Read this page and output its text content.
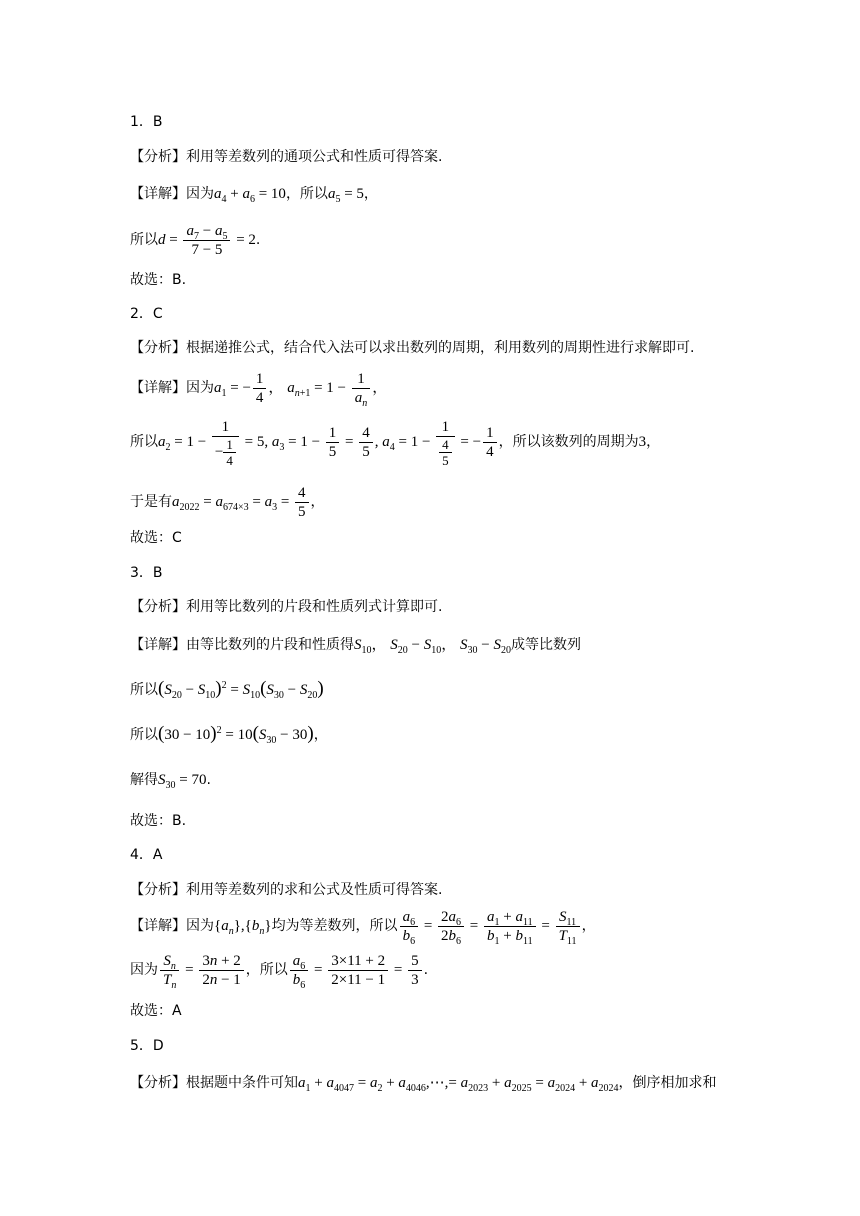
1．B
【分析】利用等差数列的通项公式和性质可得答案.
【详解】因为$a_4 + a_6 = 10$，所以$a_5 = 5$，
所以$d = \frac{a_7 - a_5}{7 - 5} = 2$.
故选：B.
2．C
【分析】根据递推公式，结合代入法可以求出数列的周期，利用数列的周期性进行求解即可.
【详解】因为$a_1$ = − $\frac{1}{4}$ ， $a_{n+1} = 1 - \frac{1}{a_n}$ ，
所以$a_2 = 1 - \frac{1}{- \frac{1}{4}} = 5$, $a_3 = 1 - \frac{1}{5} = \frac{4}{5}$ , $a_4 = 1 - \frac{1}{\frac{4}{5}}$ = − $\frac{1}{4}$ ，所以该数列的周期为3，
于是有$a_{2022} = a_{674\times 3} = a_3 = \frac{4}{5}$ ，
故选：C
3．B
【分析】利用等比数列的片段和性质列式计算即可.
【详解】由等比数列的片段和性质得$S_{10}$， $S_{20} - S_{10}$， $S_{30} - S_{20}$成等比数列
所以$(S_{20} - S_{10})^2 = S_{10}(S_{30} - S_{20})$
所以$(30 - 10)^2 = 10(S_{30} - 30)$，
解得$S_{30} = 70$.
故选：B.
4．A
【分析】利用等差数列的求和公式及性质可得答案.
【详解】因为$\{a_n\},\{b_n\}$均为等差数列，所以 $\frac{a_6}{b_6} = \frac{2a_6}{2b_6} = \frac{a_1 + a_{11}}{b_1 + b_{11}} = \frac{S_{11}}{T_{11}}$ ，
因为 $\frac{S_n}{T_n} = \frac{3n + 2}{2n - 1}$ ，所以 $\frac{a_6}{b_6} = \frac{3\times 11 + 2}{2\times 11 - 1} = \frac{5}{3}$ .
故选：A
5．D
【分析】根据题中条件可知$a_1 + a_{4047} = a_2$ + $a_{4046},\cdots,= a_{2023} + a_{2025} = a_{2024} + a_{2024}$，倒序相加求和
